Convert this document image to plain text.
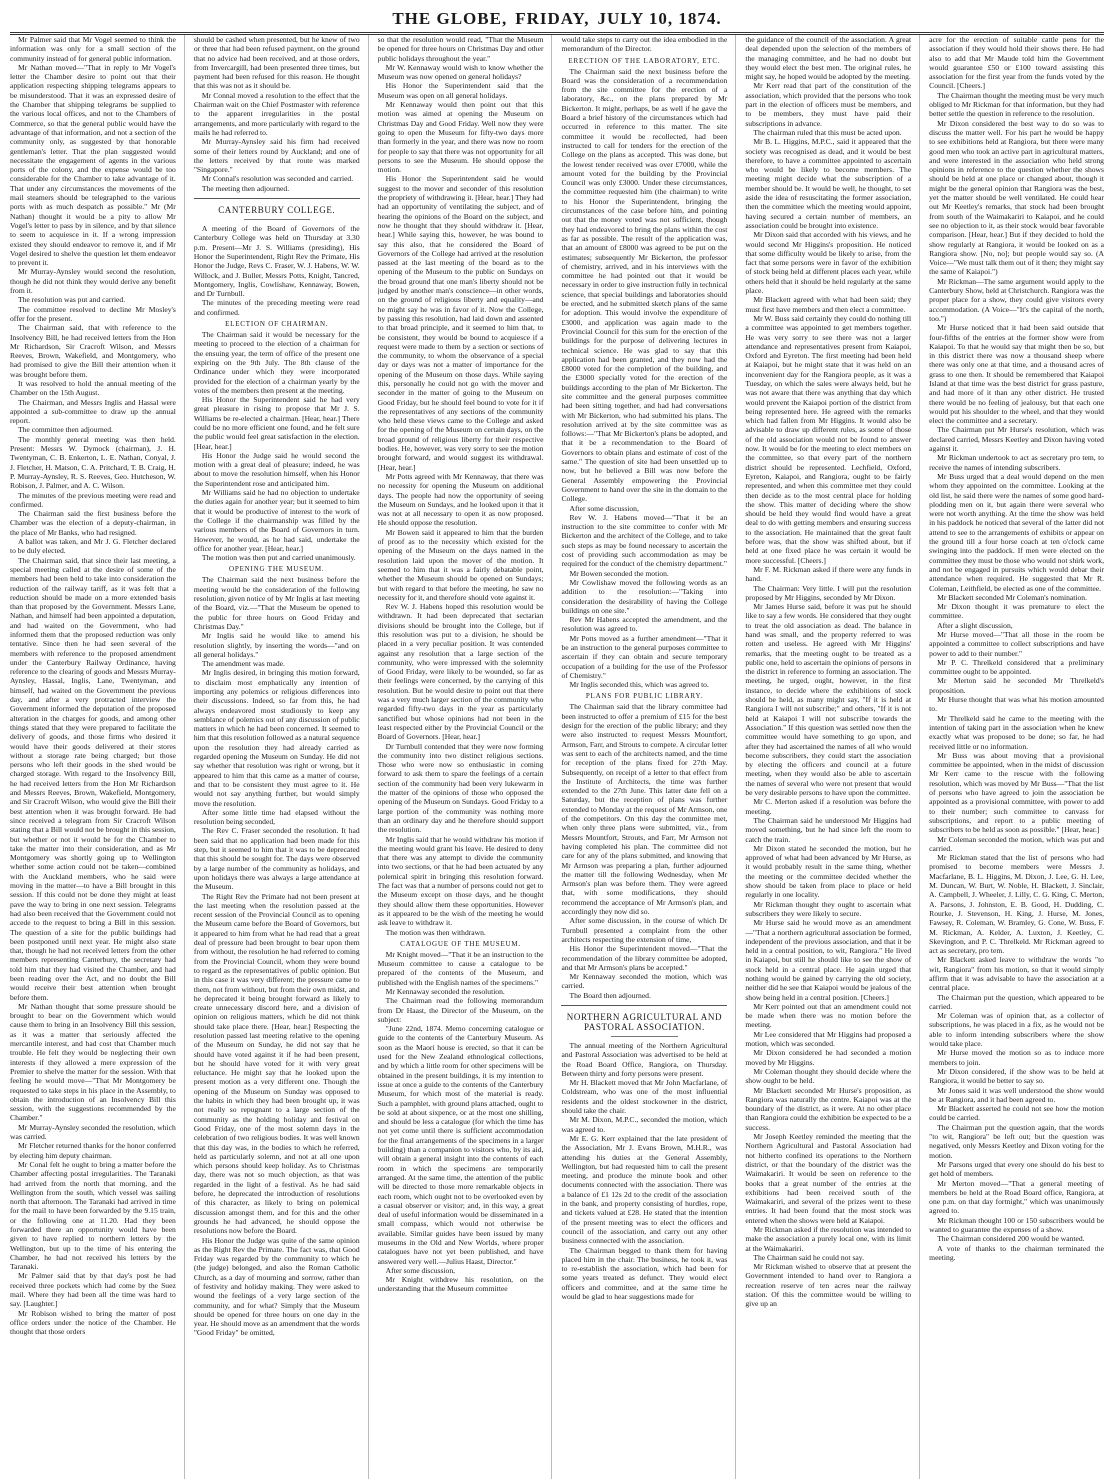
THE GLOBE, FRIDAY, JULY 10, 1874.

Mr Palmer said that Mr Vogel seemed to think the information was only for a small section of the community instead of for general public information.

Mr Nathan moved—"That in reply to Mr Vogel's letter the Chamber desire to point out that their application respecting shipping telegrams appears to be misunderstood. That it was an expressed desire of the Chamber that shipping telegrams be supplied to the various local offices, and not to the Chambers of Commerce, so that the general public would have the advantage of that information, and not a section of the community only, as suggested by that honorable gentleman's letter. That the plan suggested would necessitate the engagement of agents in the various ports of the colony, and the expense would be too considerable for the Chamber to take advantage of it. That under any circumstances the movements of the mail steamers should be telegraphed to the various ports with as much despatch as possible." Mr (Mr Nathan) thought it would be a pity to allow Mr Vogel's letter to pass by in silence, and by that silence to seem to acquiesce in it. If a wrong impression existed they should endeavor to remove it, and if Mr Vogel desired to shelve the question let them endeavor to prevent it.

Mr Murray-Aynsley would second the resolution, though he did not think they would derive any benefit from it.

The resolution was put and carried.

The committee resolved to decline Mr Mosley's offer for the present.

The Chairman said, that with reference to the Insolvency Bill, he had received letters from the Hon Mr Richardson, Sir Cracroft Wilson, and Messrs Reeves, Brown, Wakefield, and Montgomery, who had promised to give the Bill their attention when it was brought before them.

It was resolved to hold the annual meeting of the Chamber on the 15th August.

The Chairman, and Messrs Inglis and Hassal were appointed a sub-committee to draw up the annual report.

The committee then adjourned.

The monthly general meeting was then held. Present: Messrs W. Dymock (chairman), J. H. Twentyman, C. B. Enkerton, L. E. Nathan, Conyal, J. J. Fletcher, H. Matson, C. A. Pritchard, T. B. Craig, H. P. Murray-Aynsley, R. S. Reeves, Geo. Hutcheson, W. Robison, J. Palmer, and A. C. Wilson.

The minutes of the previous meeting were read and confirmed.

The Chairman said the first business before the Chamber was the election of a deputy-chairman, in the place of Mr Banks, who had resigned.

A ballot was taken, and Mr J. G. Fletcher declared to be duly elected.

The Chairman said, that since their last meeting, a special meeting called at the desire of some of the members had been held to take into consideration the reduction of the railway tariff, as it was felt that a reduction should be made on a more extended basis than that proposed by the Government. Messrs Lane, Nathan, and himself had been appointed a deputation, and had waited on the Government, who had informed them that the proposed reduction was only tentative. Since then he had seen several of the members with reference to the proposed amendment under the Canterbury Railway Ordinance, having reference to the clearing of goods and Messrs Murray-Aynsley, Hassal, Inglis, Lane, Twentyman, and himself, had waited on the Government the previous day, and after a very protracted interview the Government informed the deputation of the proposed alteration in the charges for goods, and among other things stated that they were prepared to facilitate the delivery of goods, and those firms who desired it would have their goods delivered at their stores without a storage rate being charged; but those persons who left their goods in the shed would be charged storage. With regard to the Insolvency Bill, he had received letters from the Hon Mr Richardson and Messrs Reeves, Brown, Wakefield, Montgomery, and Sir Cracroft Wilson, who would give the Bill their best attention when it was brought forward. He had since received a telegram from Sir Cracroft Wilson stating that a Bill would not be brought in this session, but whether or not it would be for the Chamber to take the matter into their consideration, and as Mr Montgomery was shortly going up to Wellington whether some action could not be taken—combined with the Auckland members, who he said were moving in the matter—to have a Bill brought in this session. If this could not be done they might at least pave the way to bring in one next session. Telegrams had also been received that the Government could not accede to the request to bring a Bill in this session. The question of a site for the public buildings had been postponed until next year. He might also state that, though he had not received letters from the other members representing Canterbury, the secretary had told him that they had visited the Chamber, and had been reading over the Act, and no doubt the Bill would receive their best attention when brought before them.

Mr Nathan thought that some pressure should be brought to bear on the Government which would cause them to bring in an Insolvency Bill this session, as it was a matter that seriously affected the mercantile interest, and had cost that Chamber much trouble. He felt they would be neglecting their own interests if they allowed a mere expression of the Premier to shelve the matter for the session. With that feeling he would move—"That Mr Montgomery be requested to take steps in his place in the Assembly, to obtain the introduction of an Insolvency Bill this session, with the suggestions recommended by the Chamber."

Mr Murray-Aynsley seconded the resolution, which was carried.

Mr Fletcher returned thanks for the honor conferred by electing him deputy chairman.

Mr Conal felt he ought to bring a matter before the Chamber affecting postal irregularities. The Taranaki had arrived from the north that morning, and the Wellington from the south, which vessel was sailing north that afternoon. The Taranaki had arrived in time for the mail to have been forwarded by the 9.15 train, or the following one at 11.20. Had they been forwarded there an opportunity would have been given to have replied to northern letters by the Wellington, but up to the time of his entering the Chamber, he had not received his letters by the Taranaki.

Mr Palmer said that by that day's post he had received three pockets which had come by the Suez mail. Where they had been all the time was hard to say. [Laughter.]

Mr Robison wished to bring the matter of post office orders under the notice of the Chamber. He thought that those orders

should be cashed when presented, but he knew of two or three that had been refused payment, on the ground that no advice had been received, and at those orders, from Invercargill, had been presented three times, but payment had been refused for this reason. He thought that this was not as it should be.

Mr Connal moved a resolution to the effect that the Chairman wait on the Chief Postmaster with reference to the apparent irregularities in the postal arrangements, and more particularly with regard to the mails he had referred to.

Mr Murray-Aynsley said his firm had received some of their letters round by Auckland; and one of the letters received by that route was marked "Singapore."

Mr Connal's resolution was seconded and carried.

The meeting then adjourned.

CANTERBURY COLLEGE.

A meeting of the Board of Governors of the Canterbury College was held on Thursday at 3.30 p.m. Present—Mr J. S. Williams (presiding), His Honor the Superintendent, Right Rev the Primate, His Honor the Judge, Revs C. Fraser, W. J. Habens, W. W. Willock, and J. Buller, Messrs Potts, Knight, Tancred, Montgomery, Inglis, Cowlishaw, Kennaway, Bowen, and Dr Turnbull.

The minutes of the preceding meeting were read and confirmed.

ELECTION OF CHAIRMAN.

The Chairman said it would be necessary for the meeting to proceed to the election of a chairman for the ensuing year, the term of office of the present one expiring on the 9th July. The 8th clause of the Ordinance under which they were incorporated provided for the election of a chairman yearly by the votes of the members then present at the meeting.

His Honor the Superintendent said he had very great pleasure in rising to propose that Mr J. S. Williams be re-elected a chairman. [Hear, hear.] There could be no more efficient one found, and he felt sure the public would feel great satisfaction in the election. [Hear, hear.]

His Honor the Judge said he would second the motion with a great deal of pleasure; indeed, he was about to move the resolution himself, when his Honor the Superintendent rose and anticipated him.

Mr Williams said he had no objection to undertake the duties again for another year; but it seemed to him that it would be productive of interest to the work of the College if the chairmanship was filled by the various members of the Board of Governors in turn. However, he would, as he had said, undertake the office for another year. [Hear, hear.]

The motion was then put and carried unanimously.

OPENING THE MUSEUM.

The Chairman said the next business before the meeting would be the consideration of the following resolution, given notice of by Mr Inglis at last meeting of the Board, viz.—"That the Museum be opened to the public for three hours on Good Friday and Christmas Day."

Mr Inglis said he would like to amend his resolution slightly, by inserting the words—"and on all general holidays."

The amendment was made.

Mr Inglis desired, in bringing this motion forward, to disclaim most emphatically any intention of importing any polemics or religious differences into their discussions. Indeed, so far from this, he had always endeavored most studiously to keep any semblance of polemics out of any discussion of public matters in which he had been concerned. It seemed to him that this resolution followed as a natural sequence upon the resolution they had already carried as regarded opening the Museum on Sunday. He did not say whether that resolution was right or wrong, but it appeared to him that this came as a matter of course, and that to be consistent they must agree to it. He would not say anything further, but would simply move the resolution.

After some little time had elapsed without the resolution being seconded,

The Rev C. Fraser seconded the resolution. It had been said that no application had been made for this step, but it seemed to him that it was to be deprecated that this should be sought for. The days were observed by a large number of the community as holidays, and upon holidays there was always a large attendance at the Museum.

The Right Rev the Primate had not been present at the last meeting when the resolution passed at the recent session of the Provincial Council as to opening the Museum came before the Board of Governors, but it appeared to him from what he had read that a great deal of pressure had been brought to bear upon them from without, the resolution he had referred to coming from the Provincial Council, whom they were bound to regard as the representatives of public opinion. But in this case it was very different; the pressure came to them, not from without, but from their own midst, and he deprecated it being brought forward as likely to create unnecessary discord here, and a division of opinion on religious matters, which he did not think should take place there. [Hear, hear.] Respecting the resolution passed last meeting relative to the opening of the Museum on Sunday, he did not say that he should have voted against it if he had been present, but he should have voted for it with very great reluctance. He might say that he looked upon the present motion as a very different one. Though the opening of the Museum on Sunday was opposed to the habits in which they had been brought up, it was not really so repugnant to a large section of the community as the holding holiday and festival on Good Friday, one of the most solemn days in the celebration of two religious bodies. It was well known that this day was, in the bodies to which he referred, held as particularly solemn, and not at all one upon which persons should keep holiday. As to Christmas day, there was not so much objection, as that was regarded in the light of a festival. As he had said before, he deprecated the introduction of resolutions of this character, as likely to bring on polemical discussion amongst them, and for this and the other grounds he had advanced, he should oppose the resolutions now before the Board.

His Honor the Judge was quite of the same opinion as the Right Rev the Primate. The fact was, that Good Friday was regarded by the community to which he (the judge) belonged, and also the Roman Catholic Church, as a day of mourning and sorrow, rather than of festivity and holiday making. They were asked to wound the feelings of a very large section of the community, and for what? Simply that the Museum should be opened for three hours on one day in the year. He should move as an amendment that the words "Good Friday" be omitted,

so that the resolution would read, "That the Museum be opened for three hours on Christmas Day and other public holidays throughout the year."

Mr W. Kennaway would wish to know whether the Museum was now opened on general holidays?

His Honor the Superintendent said that the Museum was open on all general holidays.

Mr Kennaway would then point out that this motion was aimed at opening the Museum on Christmas Day and Good Friday. Well now they were going to open the Museum for fifty-two days more than formerly in the year, and there was now no room for people to say that there was not opportunity for all persons to see the Museum. He should oppose the motion.

His Honor the Superintendent said he would suggest to the mover and seconder of this resolution the propriety of withdrawing it. [Hear, hear.] They had had an opportunity of ventilating the subject, and of hearing the opinions of the Board on the subject, and now he thought that they should withdraw it. [Hear, hear.] While saying this, however, he was bound to say this also, that he considered the Board of Governors of the College had arrived at the resolution passed at the last meeting of the board as to the opening of the Museum to the public on Sundays on the broad ground that one man's liberty should not be judged by another man's conscience—in other words, on the ground of religious liberty and equality—and he might say he was in favor of it. Now the College, by passing this resolution, had laid down and assented to that broad principle, and it seemed to him that, to be consistent, they would be bound to acquiesce if a request were made to them by a section or sections of the community, to whom the observance of a special day or days was not a matter of importance for the opening of the Museum on those days. While saying this, personally he could not go with the mover and seconder in the matter of going to the Museum on Good Friday, but he should feel bound to vote for it if the representatives of any sections of the community who held these views came to the College and asked for the opening of the Museum on certain days, on the broad ground of religious liberty for their respective bodies. He, however, was very sorry to see the motion brought forward, and would suggest its withdrawal. [Hear, hear.]

Mr Potts agreed with Mr Kennaway, that there was no necessity for opening the Museum on additional days. The people had now the opportunity of seeing the Museum on Sundays, and he looked upon it that it was not at all necessary to open it as now proposed. He should oppose the resolution.

Mr Bowen said it appeared to him that the burden of proof as to the necessity which existed for the opening of the Museum on the days named in the resolution laid upon the mover of the motion. It seemed to him that it was a fairly debatable point, whether the Museum should be opened on Sundays; but with regard to that before the meeting, he saw no necessity for it, and therefore should vote against it.

Rev W. J. Habens hoped this resolution would be withdrawn. It had been deprecated that sectarian divisions should be brought into the College, but if this resolution was put to a division, he should be placed in a very peculiar position. It was contended against any resolution that a large section of the community, who were impressed with the solemnity of Good Friday, were likely to be wounded, so far as their feelings were concerned, by the carrying of this resolution. But he would desire to point out that there was a very much larger section of the community who regarded fifty-two days in the year as particularly sanctified but whose opinions had not been in the least respected either by the Provincial Council or the Board of Governors. [Hear, hear.]

Dr Turnbull contended that they were now forming the community into two distinct religious sections. Those who were now so enthusiastic in coming forward to ask them to spare the feelings of a certain section of the community had been very lukewarm in the matter of the opinions of those who opposed the opening of the Museum on Sundays. Good Friday to a large portion of the community was nothing more than an ordinary day and he therefore should support the resolution.

Mr Inglis said that he would withdraw his motion if the meeting would grant his leave. He desired to deny that there was any attempt to divide the community into two sections, or that he had been actuated by any polemical spirit in bringing this resolution forward. The fact was that a number of persons could not get to the Museum except on those days, and he thought they should allow them these opportunities. However as it appeared to be the wish of the meeting he would ask leave to withdraw it.

The motion was then withdrawn.

CATALOGUE OF THE MUSEUM.

Mr Knight moved—"That it be an instruction to the Museum committee to cause a catalogue to be prepared of the contents of the Museum, and published with the English names of the specimens."

Mr Kennaway seconded the resolution.

The Chairman read the following memorandum from Dr Haast, the Director of the Museum, on the subject:

"June 22nd, 1874. Memo concerning catalogue or guide to the contents of the Canterbury Museum. As soon as the Maori house is erected, so that it can be used for the New Zealand ethnological collections, and by which a little room for other specimens will be obtained in the present buildings, it is my intention to issue at once a guide to the contents of the Canterbury Museum, for which most of the material is ready. Such a pamphlet, with ground plans attached, ought to be sold at about sixpence, or at the most one shilling, and should be less a catalogue (for which the time has not yet come until there is sufficient accommodation for the final arrangements of the specimens in a larger building) than a companion to visitors who, by its aid, will obtain a general insight into the contents of each room in which the specimens are temporarily arranged. At the same time, the attention of the public will be directed to those more remarkable objects in each room, which ought not to be overlooked even by a casual observer or visitor; and, in this way, a great deal of useful information would be disseminated in a small compass, which would not otherwise be available. Similar guides have been issued by many museums in the Old and New Worlds, where proper catalogues have not yet been published, and have answered very well.—Julius Haast, Director."

After some discussion,

Mr Knight withdrew his resolution, on the understanding that the Museum committee

would take steps to carry out the idea embodied in the memorandum of the Director.

ERECTION OF THE LABORATORY, ETC.

The Chairman said the next business before the Board was the consideration of a recommendation from the site committee for the erection of a laboratory, &c., on the plans prepared by Mr Bickerton. It might, perhaps, be as well if he gave the Board a brief history of the circumstances which had occurred in reference to this matter. The site committee it would be recollected, had been instructed to call for tenders for the erection of the College on the plans as accepted. This was done, but the lowest tender received was over £7000, while the amount voted for the building by the Provincial Council was only £3000. Under these circumstances, the committee requested him (the chairman) to write to his Honor the Superintendent, bringing the circumstances of the case before him, and pointing out that the money voted was not sufficient, though they had endeavored to bring the plans within the cost as far as possible. The result of the application was, that an amount of £8000 was agreed to be put on the estimates; subsequently Mr Bickerton, the professor of chemistry, arrived, and in his interviews with the committee he had pointed out that it would be necessary in order to give instruction fully in technical science, that special buildings and laboratories should be erected, and he submitted sketch plans of the same for adoption. This would involve the expenditure of £3000, and application was again made to the Provincial Council for this sum for the erection of the buildings for the purpose of delivering lectures in technical science. He was glad to say that this application had been granted, and they now had the £8000 voted for the completion of the building, and the £3000 specially voted for the erection of the buildings according to the plan of Mr Bickerton. The site committee and the general purposes committee had been sitting together, and had had conversations with Mr Bickerton, who had submitted his plans. The resolution arrived at by the site committee was as follows:—"That Mr Bickerton's plans be adopted, and that it be a recommendation to the Board of Governors to obtain plans and estimate of cost of the same." The question of site had been unsettled up to now, but he believed a Bill was now before the General Assembly empowering the Provincial Government to hand over the site in the domain to the College.

After some discussion,

Rev W. J. Habens moved—"That it be an instruction to the site committee to confer with Mr Bickerton and the architect of the College, and to take such steps as may be found necessary to ascertain the cost of providing such accommodation as may be required for the conduct of the chemistry department."

Mr Bowen seconded the motion.

Mr Cowlishaw moved the following words as an addition to the resolution:—"Taking into consideration the desirability of having the College buildings on one site."

Rev Mr Habens accepted the amendment, and the resolution was agreed to.

Mr Potts moved as a further amendment—"That it be an instruction to the general purposes committee to ascertain if they can obtain and secure temporary occupation of a building for the use of the Professor of Chemistry."

Mr Inglis seconded this, which was agreed to.

PLANS FOR PUBLIC LIBRARY.

The Chairman said that the library committee had been instructed to offer a premium of £15 for the best design for the erection of the public library; and they were also instructed to request Messrs Mountfort, Armson, Farr, and Strouts to compete. A circular letter was sent to each of the architects named, and the time for reception of the plans fixed for 27th May. Subsequently, on receipt of a letter to that effect from the Institute of Architects, the time was further extended to the 27th June. This latter date fell on a Saturday, but the reception of plans was further extended to Monday at the request of Mr Armson, one of the competitors. On this day the committee met, when only three plans were submitted, viz., from Messrs Mountfort, Strouts, and Farr, Mr Armson not having completed his plan. The committee did not care for any of the plans submitted, and knowing that Mr Armson was preparing a plan, further adjourned the matter till the following Wednesday, when Mr Armson's plan was before them. They were agreed that, with some modifications, they should recommend the acceptance of Mr Armson's plan, and accordingly they now did so.

After some discussion, in the course of which Dr Turnbull presented a complaint from the other architects respecting the extension of time,

His Honor the Superintendent moved—"That the recommendation of the library committee be adopted, and that Mr Armson's plans be accepted."

Mr Kennaway seconded the motion, which was carried.

The Board then adjourned.

NORTHERN AGRICULTURAL AND PASTORAL ASSOCIATION.

The annual meeting of the Northern Agricultural and Pastoral Association was advertised to be held at the Road Board Office, Rangiora, on Thursday. Between thirty and forty persons were present.

Mr H. Blackett moved that Mr John Macfarlane, of Coldstream, who was one of the most influential residents and the oldest stockowner in the district, should take the chair.

Mr M. Dixon, M.P.C., seconded the motion, which was agreed to.

Mr E. G. Kerr explained that the late president of the Association, Mr J. Evans Brown, M.H.R., was attending his duties at the General Assembly, Wellington, but had requested him to call the present meeting, and produce the minute book and other documents connected with the association. There was a balance of £1 12s 2d to the credit of the association in the bank, and property consisting of hurdles, rope, and tickets valued at £28. He stated that the intention of the present meeting was to elect the officers and council of the association, and carry out any other business connected with the association.

The Chairman begged to thank them for having placed him in the chair. The business, he took it, was to re-establish the association, which had been for some years treated as defunct. They would elect officers and committee, and at the same time he would be glad to hear suggestions made for

the guidance of the council of the association. A great deal depended upon the selection of the members of the managing committee, and he had no doubt but they would elect the best men. The original rules, he might say, he hoped would be adopted by the meeting.

Mr Kerr read that part of the constitution of the association, which provided that the persons who took part in the election of officers must be members, and to be members, they must have paid their subscriptions in advance.

The chairman ruled that this must be acted upon.

Mr B. L. Higgins, M.P.C., said it appeared that the society was recognised as dead, and it would be best therefore, to have a committee appointed to ascertain who would be likely to become members. The meeting might decide what the subscription of a member should be. It would be well, he thought, to set aside the idea of resuscitating the former association, then the committee which the meeting would appoint, having secured a certain number of members, an association could be brought into existence.

Mr Dixon said that accorded with his views, and he would second Mr Higgins's proposition. He noticed that some difficulty would be likely to arise, from the fact that some persons were in favor of the exhibition of stock being held at different places each year, while others held that it should be held regularly at the same place.

Mr Blackett agreed with what had been said; they must first have members and then elect a committee.

Mr W. Buss said certainly they could do nothing till a committee was appointed to get members together. He was very sorry to see there was not a larger attendance and representatives present from Kaiapoi, Oxford and Eyreton. The first meeting had been held at Kaiapoi, but he might state that it was held on an inconvenient day for the Rangiora people, as it was a Tuesday, on which the sales were always held, but he was not aware that there was anything that day which would prevent the Kaiapoi portion of the district from being represented here. He agreed with the remarks which had fallen from Mr Higgins. It would also be advisable to draw up different rules, as some of those of the old association would not be found to answer now. It would be for the meeting to elect members on the committee, so that every part of the northern district should be represented. Lechfield, Oxford, Eyreton, Kaiapoi, and Rangiora, ought to be fairly represented, and when this committee met they could then decide as to the most central place for holding the show. This matter of deciding where the show should be held they would find would have a great deal to do with getting members and ensuring success to the association. He maintained that the great fault before was, that the show was shifted about, but if held at one fixed place he was certain it would be more successful. [Cheers.]

Mr F. M. Rickman asked if there were any funds in hand.

The Chairman: Very little. I will put the resolution proposed by Mr Higgins, seconded by Mr Dixon.

Mr James Hurse said, before it was put he should like to say a few words. He considered that they ought to treat the old association as dead. The balance in hand was small, and the property referred to was rotten and useless. He agreed with Mr Higgins' remarks, that the meeting ought to be treated as a public one, held to ascertain the opinions of persons in the district in reference to forming an association. The meeting, he urged, ought, however, in the first instance, to decide where the exhibitions of stock should be held, as many might say, "If it is held at Rangiora I will not subscribe;" and others, "If it is not held at Kaiapoi I will not subscribe towards the Association." If this question was settled now then the committee would have something to go upon, and after they had ascertained the names of all who would become subscribers, they could start the association by electing the officers and council at a future meeting, when they would also be able to ascertain the names of several who were not present that would be very desirable persons to have upon the committee.

Mr C. Merton asked if a resolution was before the meeting.

The Chairman said he understood Mr Higgins had moved something, but he had since left the room to catch the train.

Mr Dixon stated he seconded the motion, but he approved of what had been advanced by Mr Hurse, as it would probably result in the same thing, whether the meeting or the committee decided whether the show should be taken from place to place or held regularly in one locality.

Mr Rickman thought they ought to ascertain what subscribers they were likely to secure.

Mr Hurse said he would move as an amendment—"That a northern agricultural association be formed, independent of the previous association, and that it be held in a central position, to wit, Rangiora." He lived in Kaiapoi, but still he should like to see the show of stock held in a central place. He again urged that nothing would be gained by carrying the old society, neither did he see that Kaiapoi would be jealous of the show being held in a central position. [Cheers.]

Mr Kerr pointed out that an amendment could not be made when there was no motion before the meeting.

Mr Lee considered that Mr Higgins had proposed a motion, which was seconded.

Mr Dixon considered he had seconded a motion moved by Mr Higgins.

Mr Coleman thought they should decide where the show ought to be held.

Mr Blackett seconded Mr Hurse's proposition, as Rangiora was naturally the centre. Kaiapoi was at the boundary of the district, as it were. At no other place than Rangiora could the exhibition be expected to be a success.

Mr Joseph Keetley reminded the meeting that the Northern Agricultural and Pastoral Association had not hitherto confined its operations to the Northern district, or that the boundary of the district was the Waimakariri. It would be seen on reference to the books that a great number of the entries at the exhibitions had been received south of the Waimakariri, and several of the prizes went to these entries. It had been found that the most stock was entered when the shows were held at Kaiapoi.

Mr Rickman asked if the resolution was intended to make the association a purely local one, with its limit at the Waimakariri.

The Chairman said he could not say.

Mr Rickman wished to observe that at present the Government intended to hand over to Rangiora a recreation reserve of ten acres near the railway station. Of this the committee would be willing to give up an

acre for the erection of suitable cattle pens for the association if they would hold their shows there. He had also to add that Mr Maude told him the Government would guarantee £50 or £100 toward assisting this association for the first year from the funds voted by the Council. [Cheers.]

The Chairman thought the meeting must be very much obliged to Mr Rickman for that information, but they had better settle the question in reference to the resolution.

Mr Dixon considered the best way to do so was to discuss the matter well. For his part he would be happy to see exhibitions held at Rangiora, but there were many good men who took an active part in agricultural matters, and were interested in the association who held strong opinions in reference to the question whether the shows should be held at one place or changed about, though it might be the general opinion that Rangiora was the best, yet the matter should be well ventilated. He could hear out Mr Keetley's remarks, that stock had been brought from south of the Waimakariri to Kaiapoi, and he could see no objection to it, as their stock would bear favorable comparison. [Hear, hear.] But if they decided to hold the show regularly at Rangiora, it would be looked on as a Rangiora show. [No, no]; but people would say so. (A Voice—"We must talk them out of it then; they might say the same of Kaiapoi.")

Mr Rickman—The same argument would apply to the Canterbury Show, held at Christchurch. Rangiora was the proper place for a show, they could give visitors every accommodation. (A Voice—"It's the capital of the north, too.")

Mr Hurse noticed that it had been said outside that four-fifths of the entries at the former show were from Kaiapoi. To that he would say that might then be so, but in this district there was now a thousand sheep where there was only one at that time, and a thousand acres of grass to one then. It should be remembered that Kaiapoi Island at that time was the best district for grass pasture, and had more of it than any other district. He trusted there would be no feeling of jealousy, but that each one would put his shoulder to the wheel, and that they would elect the committee and a secretary.

The Chairman put Mr Hurse's resolution, which was declared carried, Messrs Keetley and Dixon having voted against it.

Mr Rickman undertook to act as secretary pro tem, to receive the names of intending subscribers.

Mr Buss urged that a deal would depend on the men whom they appointed on the committee. Looking at the old list, he said there were the names of some good hard-plodding men on it, but again there were several who were not worth anything. At the time the show was held in his paddock he noticed that several of the latter did not attend to see to the arrangements of exhibits or appear on the ground till a four horse coach at ten o'clock came swinging into the paddock. If men were elected on the committee they must be those who would not shirk work, and not be engaged in pursuits which would debar their attendance when required. He suggested that Mr R. Coleman, Leithfield, be elected as one of the committee.

Mr Blackett seconded Mr Coleman's nomination.

Mr Dixon thought it was premature to elect the committee.

After a slight discussion,

Mr Hurse moved—"That all those in the room be appointed a committee to collect subscriptions and have power to add to their number."

Mr P. C. Threlkeld considered that a preliminary committee ought to be appointed.

Mr Merton said he seconded Mr Threlkeld's proposition.

Mr Hurse thought that was what his motion amounted to.

Mr Threlkeld said he came to the meeting with the intention of taking part in the association when he knew exactly what was proposed to be done; so far, he had received little or no information.

Mr Buss was about moving that a provisional committee be appointed, when in the midst of discussion Mr Kerr came to the rescue with the following resolution, which was moved by Mr Buss—"That the list of persons who have agreed to join the association be appointed as a provisional committee, with power to add to their number; such committee to canvass for subscriptions, and report to a public meeting of subscribers to be held as soon as possible." [Hear, hear.]

Mr Coleman seconded the motion, which was put and carried.

Mr Rickman stated that the list of persons who had promised to become members were Messrs J. Macfarlane, B. L. Higgins, M. Dixon, J. Lee, G. H. Lee, M. Duncan, W. Burt, W. Noble, H. Blackett, J. Sinclair, A. Campbell, J. Wheeler, J. Lilly, C. G. King, C. Merton, A. Parsons, J. Johnston, E. B. Good, H. Dudding, C. Rourke, J. Stevenson, H. King, J. Hurse, M. Jones, Fawsey, R. Coleman, W. Bramley, G. Cone, W. Buss, F. M. Rickman, A. Kelder, A. Luxton, J. Keetley, C. Skevington, and P. C. Threlkeld. Mr Rickman agreed to act as secretary, pro tem.

Mr Blackett asked leave to withdraw the words "to wit, Rangiora" from his motion, so that it would simply affirm that it was advisable to have the association at a central place.

The Chairman put the question, which appeared to be carried.

Mr Coleman was of opinion that, as a collector of subscriptions, he was placed in a fix, as he would not be able to inform intending subscribers where the show would take place.

Mr Hurse moved the motion so as to induce more members to join.

Mr Dixon considered, if the show was to be held at Rangiora, it would be better to say so.

Mr Jones said it was well understood the show would be at Rangiora, and it had been agreed to.

Mr Blackett asserted he could not see how the motion could be carried.

The Chairman put the question again, that the words "to wit, Rangiora" be left out; but the question was negatived, only Messrs Keetley and Dixon voting for the motion.

Mr Parsons urged that every one should do his best to get hold of members.

Mr Merton moved—"That a general meeting of members be held at the Road Board office, Rangiora, at one p.m. on that day fortnight," which was unanimously agreed to.

Mr Rickman thought 100 or 150 subscribers would be wanted to guarantee the expenses of a show.

The Chairman considered 200 would be wanted.

A vote of thanks to the chairman terminated the meeting.
